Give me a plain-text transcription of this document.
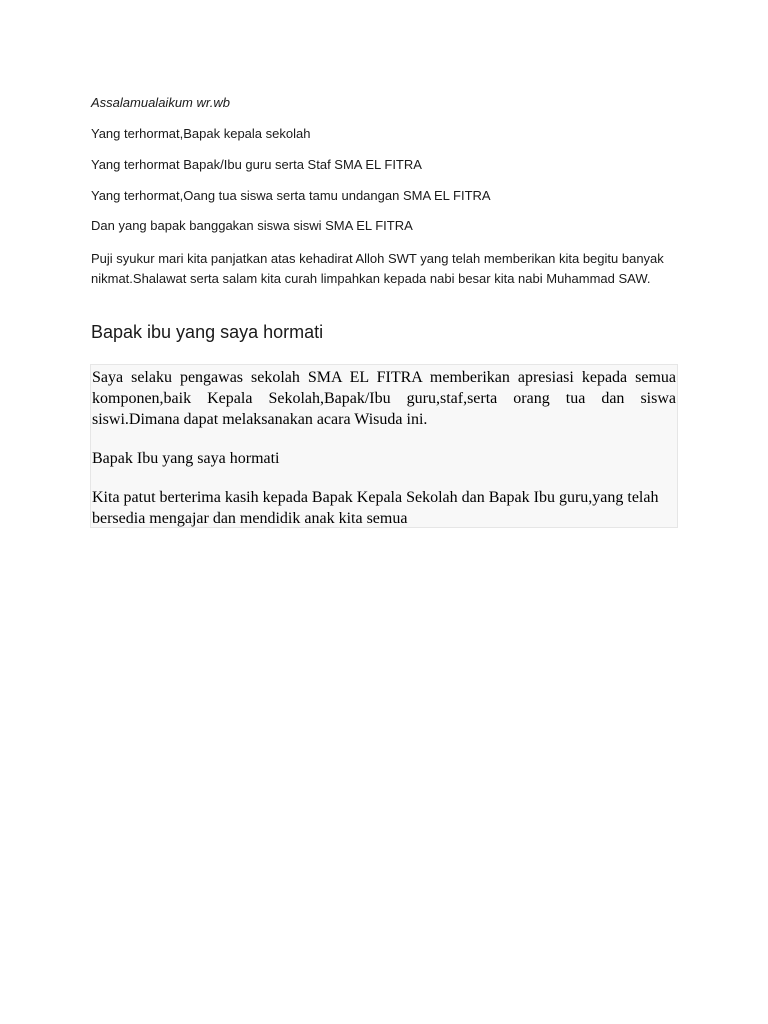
Assalamualaikum wr.wb

Yang terhormat,Bapak kepala sekolah

Yang terhormat Bapak/Ibu guru serta Staf SMA EL FITRA

Yang terhormat,Oang tua siswa serta tamu undangan SMA EL FITRA

Dan yang bapak banggakan siswa siswi SMA EL FITRA

Puji syukur mari kita panjatkan atas kehadirat Alloh SWT yang telah memberikan kita begitu banyak nikmat.Shalawat serta salam kita curah limpahkan kepada nabi besar kita nabi Muhammad SAW.

Bapak ibu yang saya hormati

Saya selaku pengawas sekolah SMA EL FITRA memberikan apresiasi kepada semua komponen,baik Kepala Sekolah,Bapak/Ibu guru,staf,serta orang tua dan siswa siswi.Dimana dapat melaksanakan acara Wisuda ini.

Bapak Ibu yang saya hormati

Kita patut berterima kasih kepada Bapak Kepala Sekolah dan Bapak Ibu guru,yang telah bersedia mengajar dan mendidik anak kita semua
